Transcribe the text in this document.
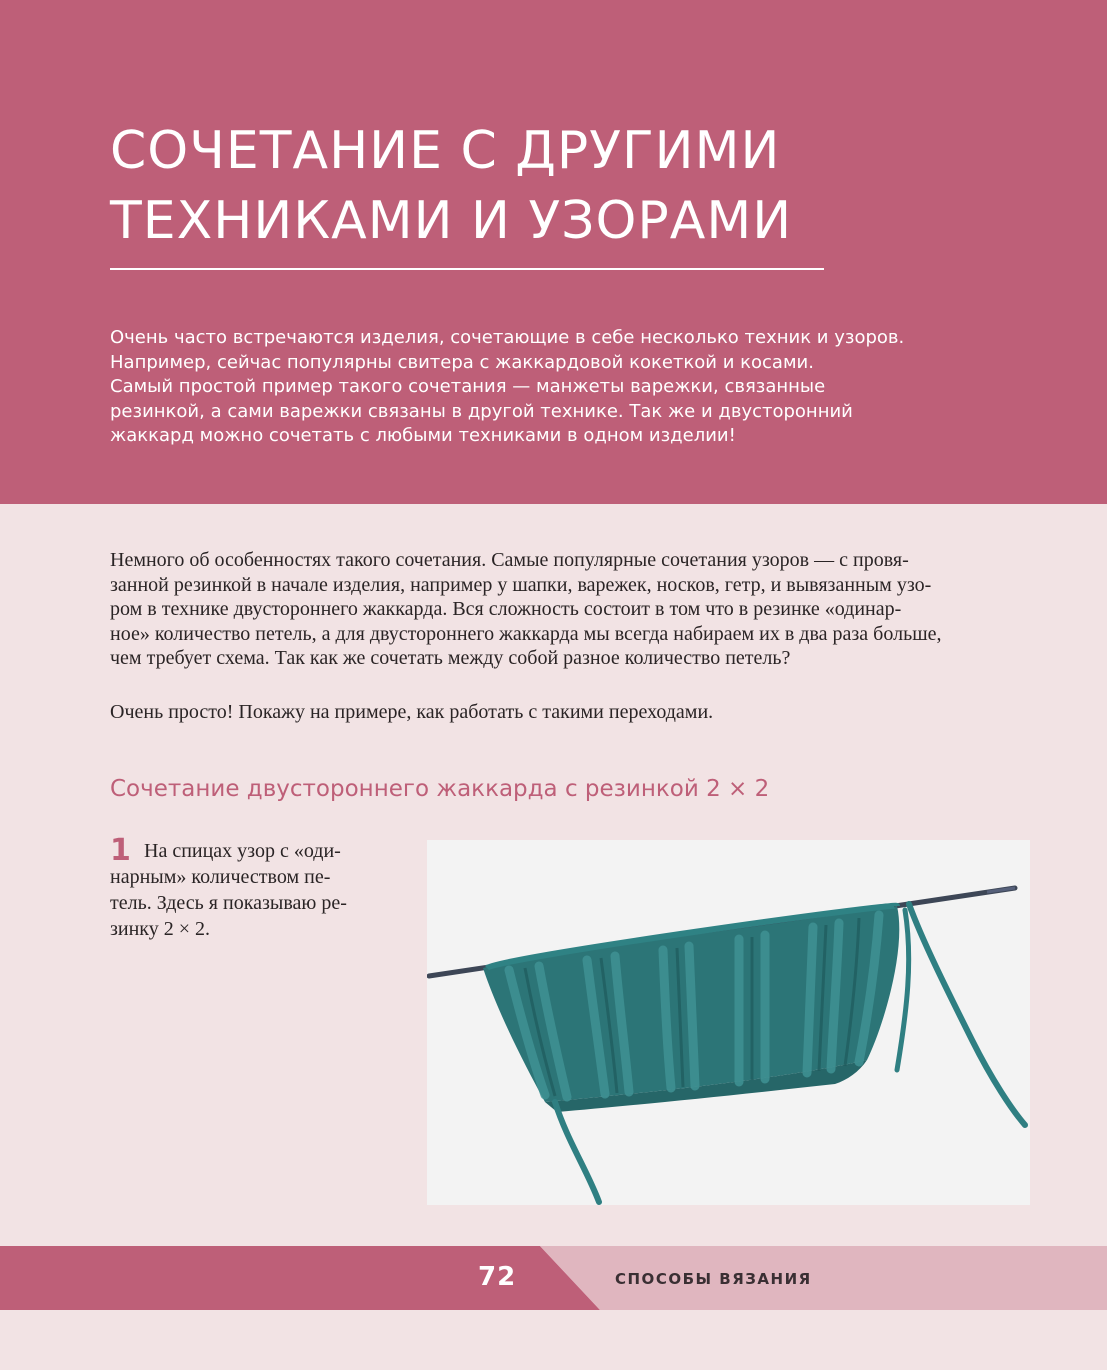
СОЧЕТАНИЕ С ДРУГИМИ
ТЕХНИКАМИ И УЗОРАМИ

Очень часто встречаются изделия, сочетающие в себе несколько техник и узоров.
Например, сейчас популярны свитера с жаккардовой кокеткой и косами.
Самый простой пример такого сочетания — манжеты варежки, связанные
резинкой, а сами варежки связаны в другой технике. Так же и двусторонний
жаккард можно сочетать с любыми техниками в одном изделии!

Немного об особенностях такого сочетания. Самые популярные сочетания узоров — с провя-
занной резинкой в начале изделия, например у шапки, варежек, носков, гетр, и вывязанным узо-
ром в технике двустороннего жаккарда. Вся сложность состоит в том что в резинке «одинар-
ное» количество петель, а для двустороннего жаккарда мы всегда набираем их в два раза больше,
чем требует схема. Так как же сочетать между собой разное количество петель?

Очень просто! Покажу на примере, как работать с такими переходами.

Сочетание двустороннего жаккарда с резинкой 2 × 2
1 На спицах узор с «оди-
нарным» количеством пе-
тель. Здесь я показываю ре-
зинку 2 × 2.
72	СПОСОБЫ ВЯЗАНИЯ
